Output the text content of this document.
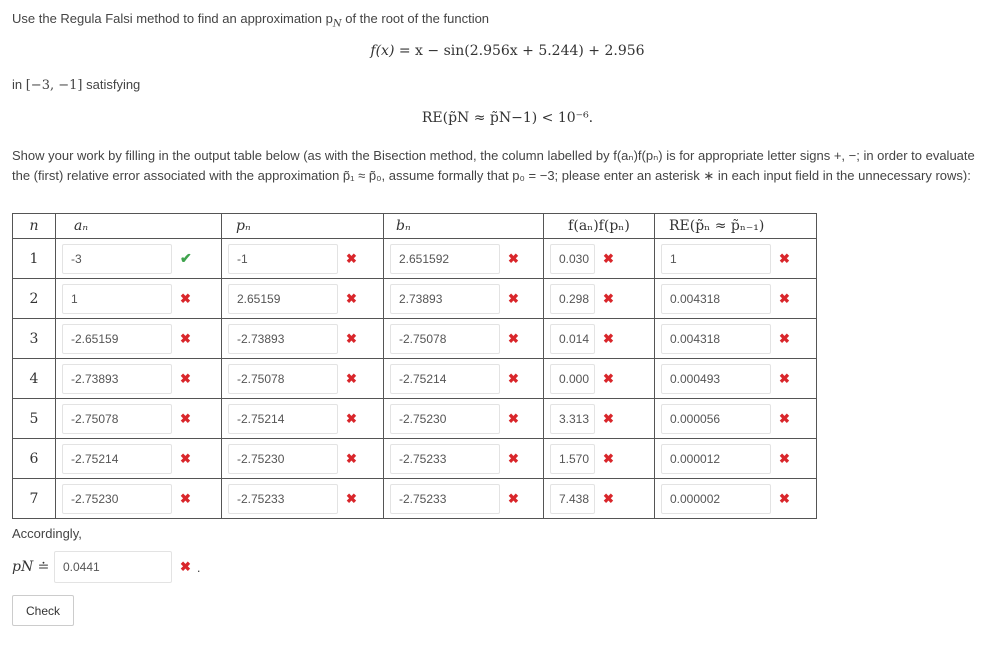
Use the Regula Falsi method to find an approximation $p_N$ of the root of the function
f(x) = x − sin(2.956x + 5.244) + 2.956
in [−3, −1] satisfying
RE(p̃N ≈ p̃N−1) < 10⁻⁶.
Show your work by filling in the output table below (as with the Bisection method, the column labelled by f(aₙ)f(pₙ) is for appropriate letter signs +, −; in order to evaluate the (first) relative error associated with the approximation p̃₁ ≈ p̃₀, assume formally that p₀ = −3; please enter an asterisk ∗ in each input field in the unnecessary rows):
n	aₙ	pₙ	bₙ	f(aₙ)f(pₙ)	RE(p̃ₙ ≈ p̃ₙ₋₁)
1	-3 ✔	-1 ✖	2.651592 ✖	0.030 ✖	1 ✖

2	1 ✖	2.65159 ✖	2.73893 ✖	0.298 ✖	0.004318 ✖

3	-2.65159 ✖	-2.73893 ✖	-2.75078 ✖	0.014 ✖	0.004318 ✖

4	-2.73893 ✖	-2.75078 ✖	-2.75214 ✖	0.000 ✖	0.000493 ✖

5	-2.75078 ✖	-2.75214 ✖	-2.75230 ✖	3.313 ✖	0.000056 ✖

6	-2.75214 ✖	-2.75230 ✖	-2.75233 ✖	1.570 ✖	0.000012 ✖

7	-2.75230 ✖	-2.75233 ✖	-2.75233 ✖	7.438 ✖	0.000002 ✖
Accordingly,
pN ≐	0.0441	✖ .
Check
